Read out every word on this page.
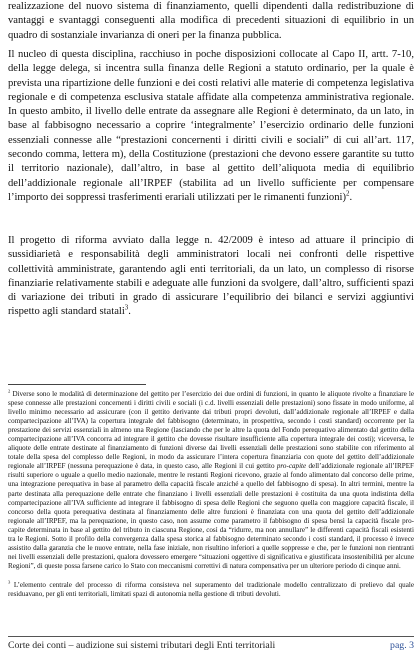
realizzazione del nuovo sistema di finanziamento, quelli dipendenti dalla redistribuzione di vantaggi e svantaggi conseguenti alla modifica di precedenti situazioni di equilibrio in un quadro di sostanziale invarianza di oneri per la finanza pubblica.

Il nucleo di questa disciplina, racchiuso in poche disposizioni collocate al Capo II, artt. 7-10, della legge delega, si incentra sulla finanza delle Regioni a statuto ordinario, per la quale è prevista una ripartizione delle funzioni e dei costi relativi alle materie di competenza legislativa regionale e di competenza esclusiva statale affidate alla competenza amministrativa regionale. In questo ambito, il livello delle entrate da assegnare alle Regioni è determinato, da un lato, in base al fabbisogno necessario a coprire ‘integralmente’ l’esercizio ordinario delle funzioni essenziali connesse alle “prestazioni concernenti i diritti civili e sociali” di cui all’art. 117, secondo comma, lettera m), della Costituzione (prestazioni che devono essere garantite su tutto il territorio nazionale), dall’altro, in base al gettito dell’aliquota media di equilibrio dell’addizionale regionale all’IRPEF (stabilita ad un livello sufficiente per compensare l’importo dei soppressi trasferimenti erariali utilizzati per le rimanenti funzioni)$^2$.

Il progetto di riforma avviato dalla legge n. 42/2009 è inteso ad attuare il principio di sussidiarietà e responsabilità degli amministratori locali nei confronti delle rispettive collettività amministrate, garantendo agli enti territoriali, da un lato, un complesso di risorse finanziarie relativamente stabili e adeguate alle funzioni da svolgere, dall’altro, sufficienti spazi di variazione dei tributi in grado di assicurare l’equilibrio dei bilanci e servizi aggiuntivi rispetto agli standard statali$^3$.

$^2$ Diverse sono le modalità di determinazione del gettito per l’esercizio dei due ordini di funzioni, in quanto le aliquote rivolte a finanziare le spese connesse alle prestazioni concernenti i diritti civili e sociali (i c.d. livelli essenziali delle prestazioni) sono fissate in modo uniforme, al livello minimo necessario ad assicurare (con il gettito derivante dai tributi propri devoluti, dall’addizionale regionale all’IRPEF e dalla compartecipazione all’IVA) la copertura integrale del fabbisogno (determinato, in prospettiva, secondo i costi standard) occorrente per la prestazione dei servizi essenziali in almeno una Regione (lasciando che per le altre la quota del Fondo perequativo alimentato dal gettito della compartecipazione all’IVA concorra ad integrare il gettito che dovesse risultare insufficiente alla copertura integrale dei costi); viceversa, le aliquote delle entrate destinate al finanziamento di funzioni diverse dai livelli essenziali delle prestazioni sono stabilite con riferimento al totale della spesa del complesso delle Regioni, in modo da assicurare l’intera copertura finanziaria con quote del gettito dell’addizionale regionale all’IRPEF (nessuna perequazione è data, in questo caso, alle Regioni il cui gettito pro-capite dell’addizionale regionale all’IRPEF risulti superiore o uguale a quello medio nazionale, mentre le restanti Regioni ricevono, grazie al fondo alimentato dal concorso delle prime, una integrazione perequativa in base al parametro della capacità fiscale anziché a quello del fabbisogno di spesa). In altri termini, mentre la parte destinata alla perequazione delle entrate che finanziano i livelli essenziali delle prestazioni è costituita da una quota indistinta della compartecipazione all’IVA sufficiente ad integrare il fabbisogno di spesa delle Regioni che seguono quella con maggiore capacità fiscale, il concorso della quota perequativa destinata al finanziamento delle altre funzioni è finanziata con una quota del gettito dell’addizionale regionale all’IRPEF, ma la perequazione, in questo caso, non assume come parametro il fabbisogno di spesa bensì la capacità fiscale pro-capite determinata in base al gettito del tributo in ciascuna Regione, così da “ridurre, ma non annullare” le differenti capacità fiscali esistenti tra le Regioni. Sotto il profilo della convergenza dalla spesa storica al fabbisogno determinato secondo i costi standard, il processo è invece assistito dalla garanzia che le nuove entrate, nella fase iniziale, non risultino inferiori a quelle soppresse e che, per le funzioni non rientranti nei livelli essenziali delle prestazioni, qualora dovessero emergere “situazioni oggettive di significativa e giustificata insostenibilità per alcune Regioni”, di queste possa farsene carico lo Stato con meccanismi correttivi di natura compensativa per un ulteriore periodo di cinque anni.

$^3$ L’elemento centrale del processo di riforma consisteva nel superamento del tradizionale modello centralizzato di prelievo dal quale residuavano, per gli enti territoriali, limitati spazi di autonomia nella gestione di tributi devoluti.

Corte dei conti – audizione sui sistemi tributari degli Enti territoriali	pag. 3
